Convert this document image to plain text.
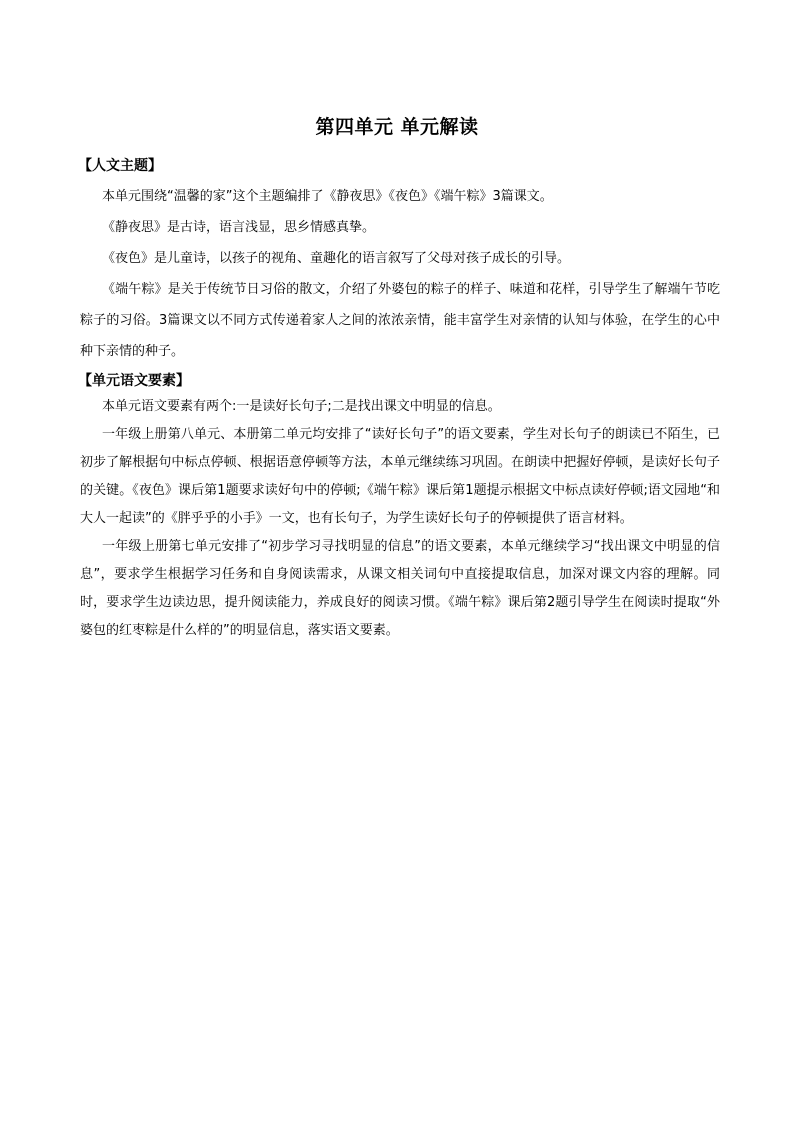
第四单元 单元解读
【人文主题】

本单元围绕“温馨的家”这个主题编排了《静夜思》《夜色》《端午粽》3篇课文。

《静夜思》是古诗，语言浅显，思乡情感真挚。

《夜色》是儿童诗，以孩子的视角、童趣化的语言叙写了父母对孩子成长的引导。

《端午粽》是关于传统节日习俗的散文，介绍了外婆包的粽子的样子、味道和花样，引导学生了解端午节吃粽子的习俗。3篇课文以不同方式传递着家人之间的浓浓亲情，能丰富学生对亲情的认知与体验，在学生的心中种下亲情的种子。

【单元语文要素】

本单元语文要素有两个:一是读好长句子;二是找出课文中明显的信息。

一年级上册第八单元、本册第二单元均安排了“读好长句子”的语文要素，学生对长句子的朗读已不陌生，已初步了解根据句中标点停顿、根据语意停顿等方法，本单元继续练习巩固。在朗读中把握好停顿，是读好长句子的关键。《夜色》课后第1题要求读好句中的停顿;《端午粽》课后第1题提示根据文中标点读好停顿;语文园地“和大人一起读”的《胖乎乎的小手》一文，也有长句子，为学生读好长句子的停顿提供了语言材料。

一年级上册第七单元安排了“初步学习寻找明显的信息”的语文要素，本单元继续学习“找出课文中明显的信息”，要求学生根据学习任务和自身阅读需求，从课文相关词句中直接提取信息，加深对课文内容的理解。同时，要求学生边读边思，提升阅读能力，养成良好的阅读习惯。《端午粽》课后第2题引导学生在阅读时提取“外婆包的红枣粽是什么样的”的明显信息，落实语文要素。
